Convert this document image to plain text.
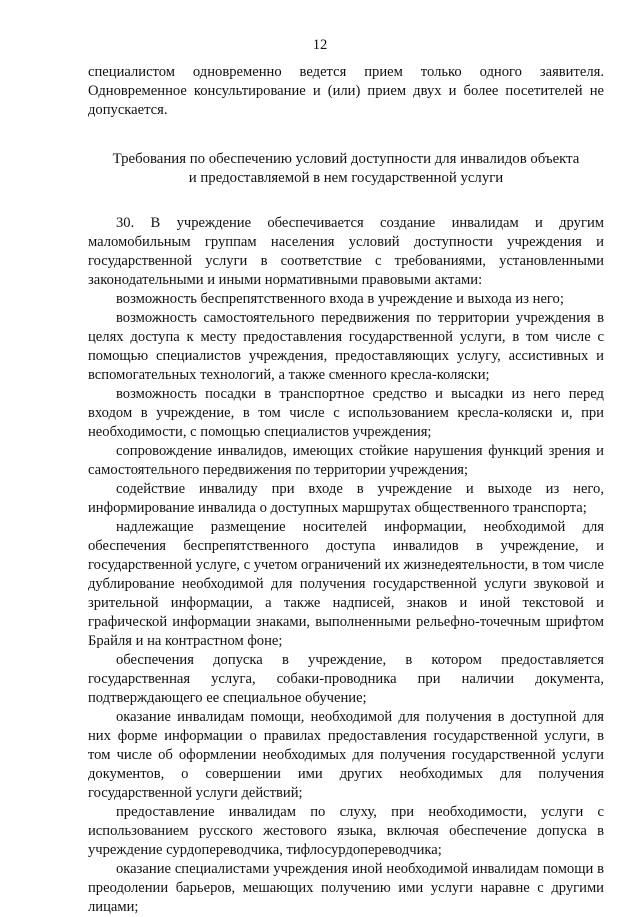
12

специалистом одновременно ведется прием только одного заявителя.

Одновременное консультирование и (или) прием двух и более посетителей не допускается.

Требования по обеспечению условий доступности для инвалидов объекта
и предоставляемой в нем государственной услуги

30. В учреждение обеспечивается создание инвалидам и другим маломобильным группам населения условий доступности учреждения и государственной услуги в соответствие с требованиями, установленными законодательными и иными нормативными правовыми актами:

возможность беспрепятственного входа в учреждение и выхода из него;

возможность самостоятельного передвижения по территории учреждения в целях доступа к месту предоставления государственной услуги, в том числе с помощью специалистов учреждения, предоставляющих услугу, ассистивных и вспомогательных технологий, а также сменного кресла-коляски;

возможность посадки в транспортное средство и высадки из него перед входом в учреждение, в том числе с использованием кресла-коляски и, при необходимости, с помощью специалистов учреждения;

сопровождение инвалидов, имеющих стойкие нарушения функций зрения и самостоятельного передвижения по территории учреждения;

содействие инвалиду при входе в учреждение и выходе из него, информирование инвалида о доступных маршрутах общественного транспорта;

надлежащие размещение носителей информации, необходимой для обеспечения беспрепятственного доступа инвалидов в учреждение, и государственной услуге, с учетом ограничений их жизнедеятельности, в том числе дублирование необходимой для получения государственной услуги звуковой и зрительной информации, а также надписей, знаков и иной текстовой и графической информации знаками, выполненными рельефно-точечным шрифтом Брайля и на контрастном фоне;

обеспечения допуска в учреждение, в котором предоставляется государственная услуга, собаки-проводника при наличии документа, подтверждающего ее специальное обучение;

оказание инвалидам помощи, необходимой для получения в доступной для них форме информации о правилах предоставления государственной услуги, в том числе об оформлении необходимых для получения государственной услуги документов, о совершении ими других необходимых для получения государственной услуги действий;

предоставление инвалидам по слуху, при необходимости, услуги с использованием русского жестового языка, включая обеспечение допуска в учреждение сурдопереводчика, тифлосурдопереводчика;

оказание специалистами учреждения иной необходимой инвалидам помощи в преодолении барьеров, мешающих получению ими услуги наравне с другими лицами;
